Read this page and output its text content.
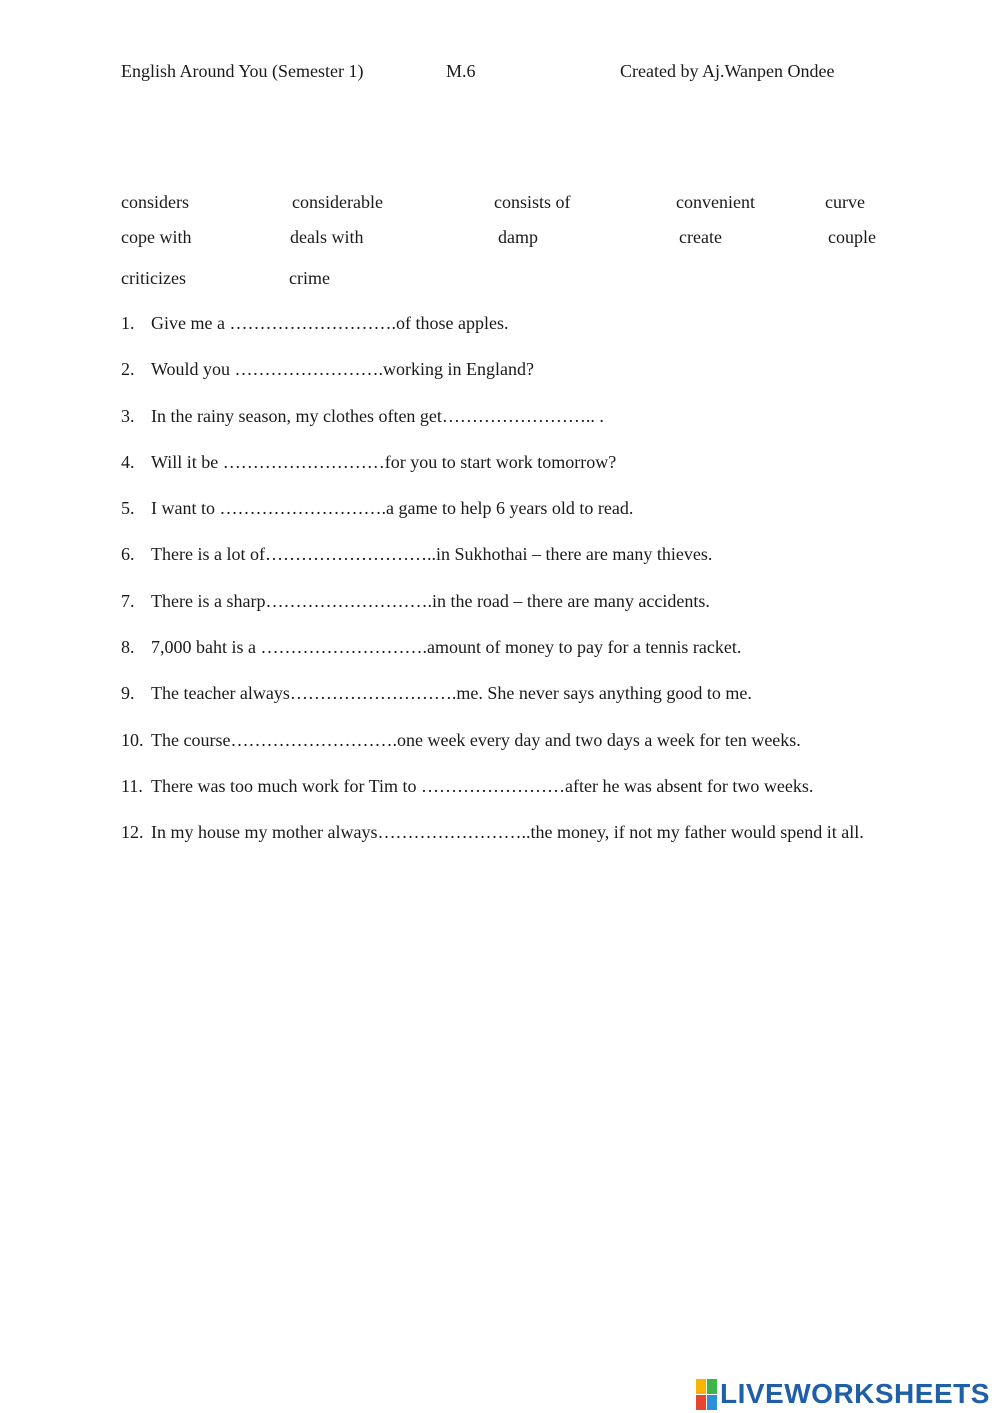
English Around You (Semester 1)	M.6	Created by Aj.Wanpen Ondee
considers	considerable	consists of	convenient	curve
cope with	deals with	damp	create	couple
criticizes	crime
1. Give me a ……………………….of those apples.
2. Would you …………………….working in England?
3. In the rainy season, my clothes often get…………………….. .
4. Will it be ………………………for you to start work tomorrow?
5. I want to ……………………….a game to help 6 years old to read.
6. There is a lot of………………………..in Sukhothai – there are many thieves.
7. There is a sharp……………………….in the road – there are many accidents.
8. 7,000 baht is a ……………………….amount of money to pay for a tennis racket.
9. The teacher always……………………….me. She never says anything good to me.
10. The course……………………….one week every day and two days a week for ten weeks.
11. There was too much work for Tim to ……………………after he was absent for two weeks.
12. In my house my mother always……………………..the money, if not my father would spend it all.
LIVEWORKSHEETS
